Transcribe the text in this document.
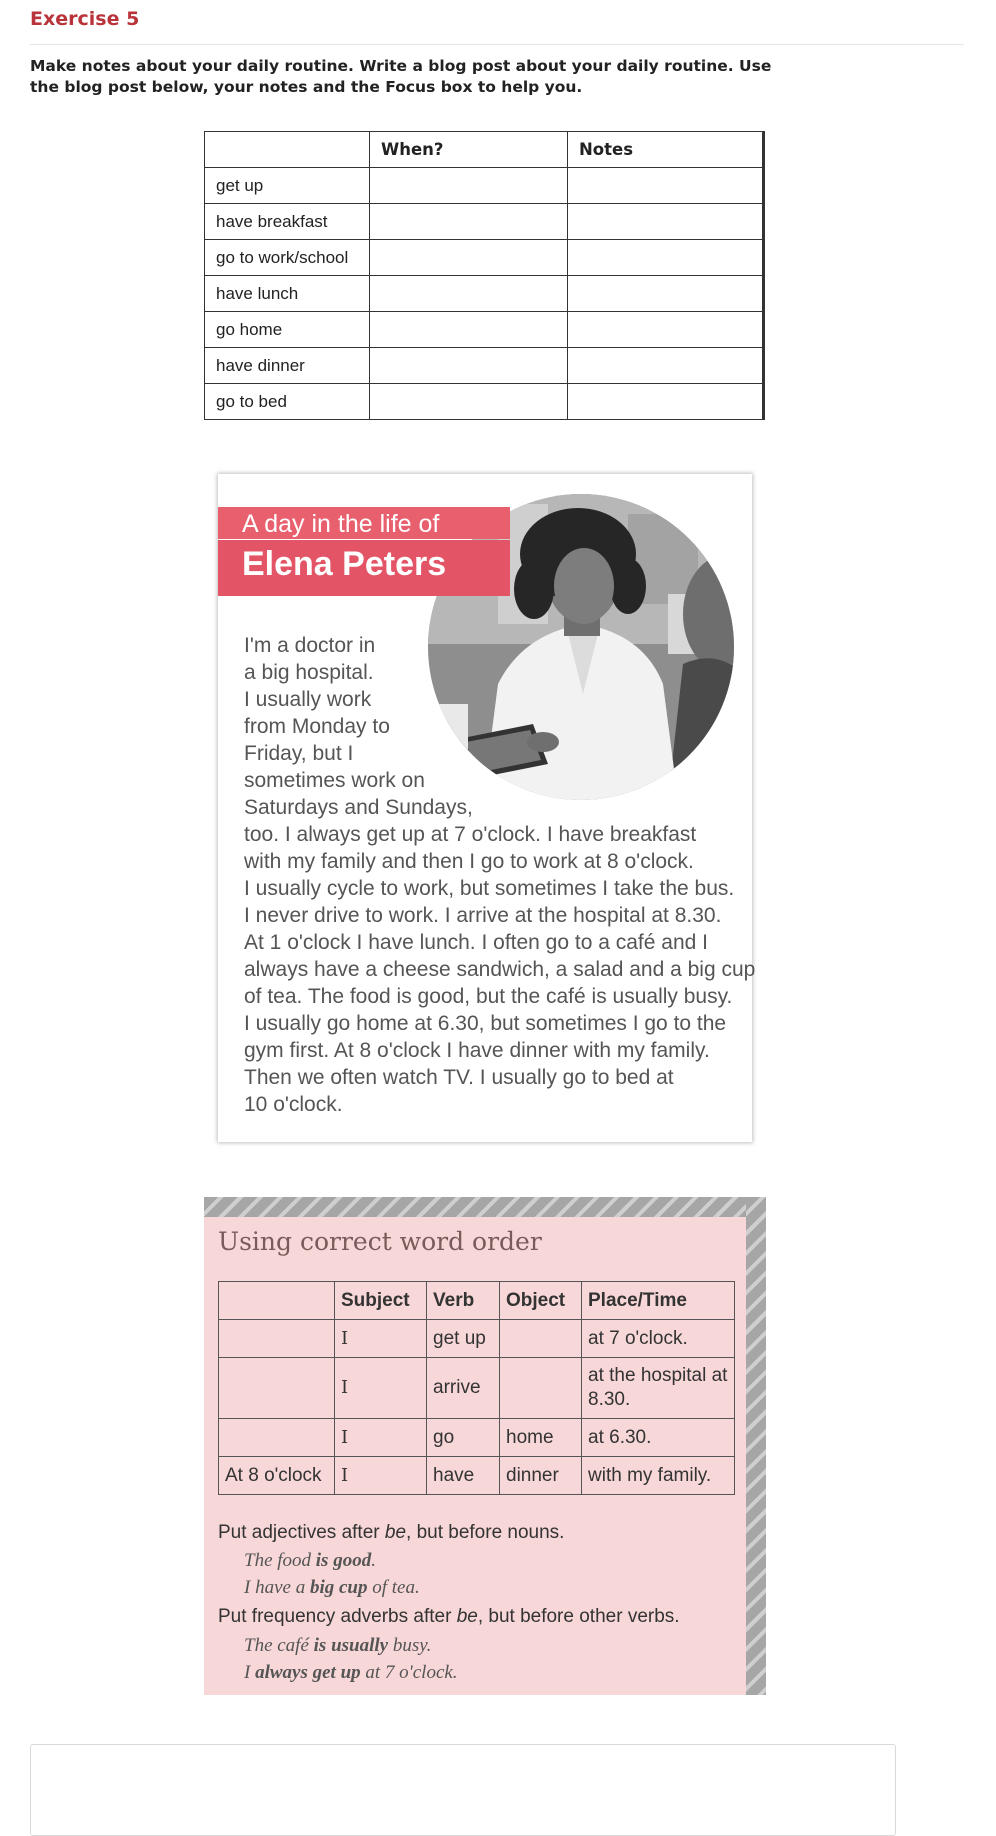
Exercise 5
Make notes about your daily routine. Write a blog post about your daily routine. Use the blog post below, your notes and the Focus box to help you.
	When?	Notes
get up		
have breakfast		
go to work/school		
have lunch		
go home		
have dinner		
go to bed		
A day in the life of
Elena Peters
I'm a doctor in
a big hospital.
I usually work
from Monday to
Friday, but I
sometimes work on
Saturdays and Sundays,
too. I always get up at 7 o'clock. I have breakfast
with my family and then I go to work at 8 o'clock.
I usually cycle to work, but sometimes I take the bus.
I never drive to work. I arrive at the hospital at 8.30.
At 1 o'clock I have lunch. I often go to a café and I
always have a cheese sandwich, a salad and a big cup
of tea. The food is good, but the café is usually busy.
I usually go home at 6.30, but sometimes I go to the
gym first. At 8 o'clock I have dinner with my family.
Then we often watch TV. I usually go to bed at
10 o'clock.
Using correct word order
	Subject	Verb	Object	Place/Time
	I	get up		at 7 o'clock.
	I	arrive		at the hospital at 8.30.
	I	go	home	at 6.30.
At 8 o'clock	I	have	dinner	with my family.
Put adjectives after be, but before nouns.
The food is good.
I have a big cup of tea.
Put frequency adverbs after be, but before other verbs.
The café is usually busy.
I always get up at 7 o'clock.
